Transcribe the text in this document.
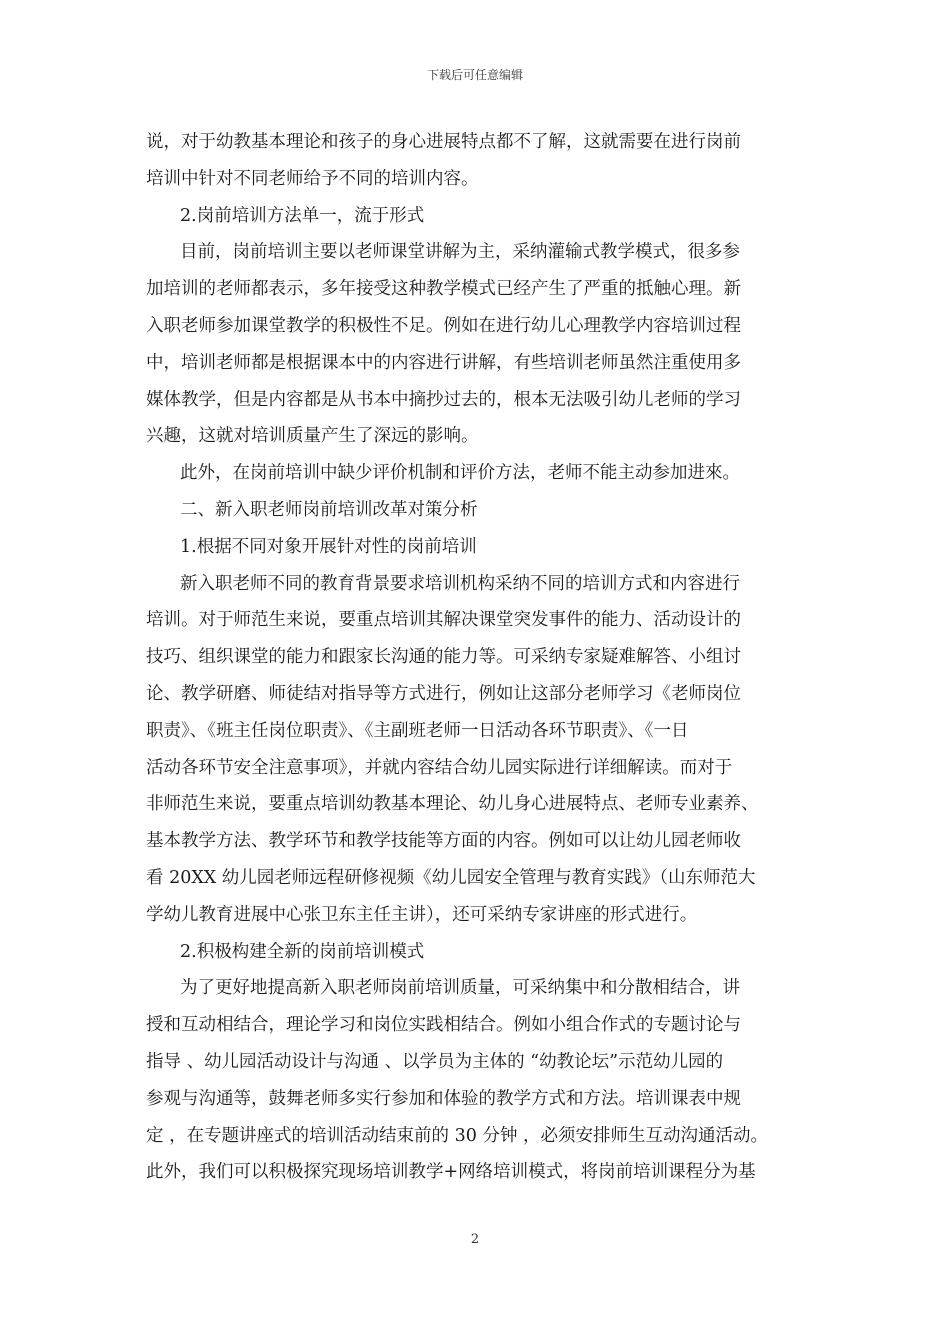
下载后可任意编辑
说，对于幼教基本理论和孩子的身心进展特点都不了解，这就需要在进行岗前
培训中针对不同老师给予不同的培训内容。
2.岗前培训方法单一，流于形式
目前，岗前培训主要以老师课堂讲解为主，采纳灌输式教学模式，很多参
加培训的老师都表示，多年接受这种教学模式已经产生了严重的抵触心理。新
入职老师参加课堂教学的积极性不足。例如在进行幼儿心理教学内容培训过程
中，培训老师都是根据课本中的内容进行讲解，有些培训老师虽然注重使用多
媒体教学，但是内容都是从书本中摘抄过去的，根本无法吸引幼儿老师的学习
兴趣，这就对培训质量产生了深远的影响。
此外，在岗前培训中缺少评价机制和评价方法，老师不能主动参加进來。
二、新入职老师岗前培训改革对策分析
1.根据不同对象开展针对性的岗前培训
新入职老师不同的教育背景要求培训机构采纳不同的培训方式和内容进行
培训。对于师范生来说，要重点培训其解决课堂突发事件的能力、活动设计的
技巧、组织课堂的能力和跟家长沟通的能力等。可采纳专家疑难解答、小组讨
论、教学研磨、师徒结对指导等方式进行，例如让这部分老师学习《老师岗位
职责》、《班主任岗位职责》、《主副班老师一日活动各环节职责》、《一日
活动各环节安全注意事项》，并就内容结合幼儿园实际进行详细解读。而对于
非师范生来说，要重点培训幼教基本理论、幼儿身心进展特点、老师专业素养、
基本教学方法、教学环节和教学技能等方面的内容。例如可以让幼儿园老师收
看 20XX 幼儿园老师远程研修视频《幼儿园安全管理与教育实践》（山东师范大
学幼儿教育进展中心张卫东主任主讲），还可采纳专家讲座的形式进行。
2.积极构建全新的岗前培训模式
为了更好地提高新入职老师岗前培训质量，可采纳集中和分散相结合，讲
授和互动相结合，理论学习和岗位实践相结合。例如小组合作式的专题讨论与
指导 、幼儿园活动设计与沟通 、以学员为主体的 “幼教论坛”示范幼儿园的
参观与沟通等，鼓舞老师多实行参加和体验的教学方式和方法。培训课表中规
定 ，在专题讲座式的培训活动结束前的 30 分钟 ，必须安排师生互动沟通活动。
此外，我们可以积极探究现场培训教学+网络培训模式，将岗前培训课程分为基
2
